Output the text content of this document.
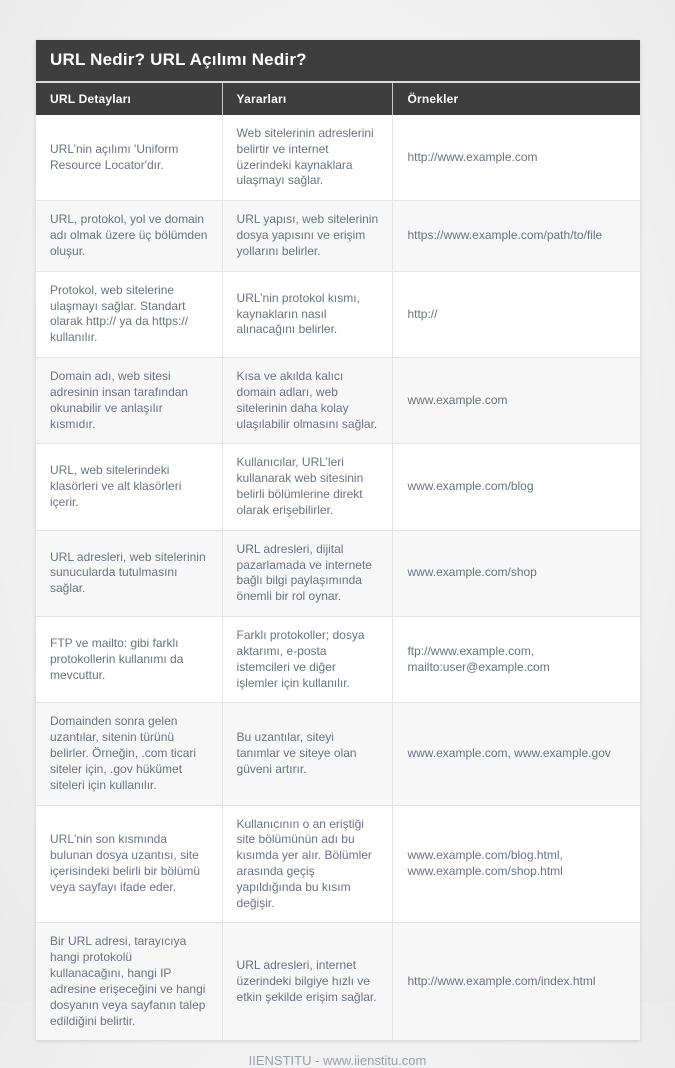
URL Nedir? URL Açılımı Nedir?
URL Detayları	Yararları	Örnekler
URL’nin açılımı 'Uniform Resource Locator'dır.	Web sitelerinin adreslerini belirtir ve internet üzerindeki kaynaklara ulaşmayı sağlar.	http://www.example.com
URL, protokol, yol ve domain adı olmak üzere üç bölümden oluşur.	URL yapısı, web sitelerinin dosya yapısını ve erişim yollarını belirler.	https://www.example.com/path/to/file
Protokol, web sitelerine ulaşmayı sağlar. Standart olarak http:// ya da https:// kullanılır.	URL’nin protokol kısmı, kaynakların nasıl alınacağını belirler.	http://
Domain adı, web sitesi adresinin insan tarafından okunabilir ve anlaşılır kısmıdır.	Kısa ve akılda kalıcı domain adları, web sitelerinin daha kolay ulaşılabilir olmasını sağlar.	www.example.com
URL, web sitelerindeki klasörleri ve alt klasörleri içerir.	Kullanıcılar, URL’leri kullanarak web sitesinin belirli bölümlerine direkt olarak erişebilirler.	www.example.com/blog
URL adresleri, web sitelerinin sunucularda tutulmasını sağlar.	URL adresleri, dijital pazarlamada ve internete bağlı bilgi paylaşımında önemli bir rol oynar.	www.example.com/shop
FTP ve mailto: gibi farklı protokollerin kullanımı da mevcuttur.	Farklı protokoller; dosya aktarımı, e-posta istemcileri ve diğer işlemler için kullanılır.	ftp://www.example.com, mailto:user@example.com
Domainden sonra gelen uzantılar, sitenin türünü belirler. Örneğin, .com ticari siteler için, .gov hükümet siteleri için kullanılır.	Bu uzantılar, siteyi tanımlar ve siteye olan güveni artırır.	www.example.com, www.example.gov
URL'nin son kısmında bulunan dosya uzantısı, site içerisindeki belirli bir bölümü veya sayfayı ifade eder.	Kullanıcının o an eriştiği site bölümünün adı bu kısımda yer alır. Bölümler arasında geçiş yapıldığında bu kısım değişir.	www.example.com/blog.html, www.example.com/shop.html
Bir URL adresi, tarayıcıya hangi protokolü kullanacağını, hangi IP adresine erişeceğini ve hangi dosyanın veya sayfanın talep edildiğini belirtir.	URL adresleri, internet üzerindeki bilgiye hızlı ve etkin şekilde erişim sağlar.	http://www.example.com/index.html
IIENSTITU - www.iienstitu.com
